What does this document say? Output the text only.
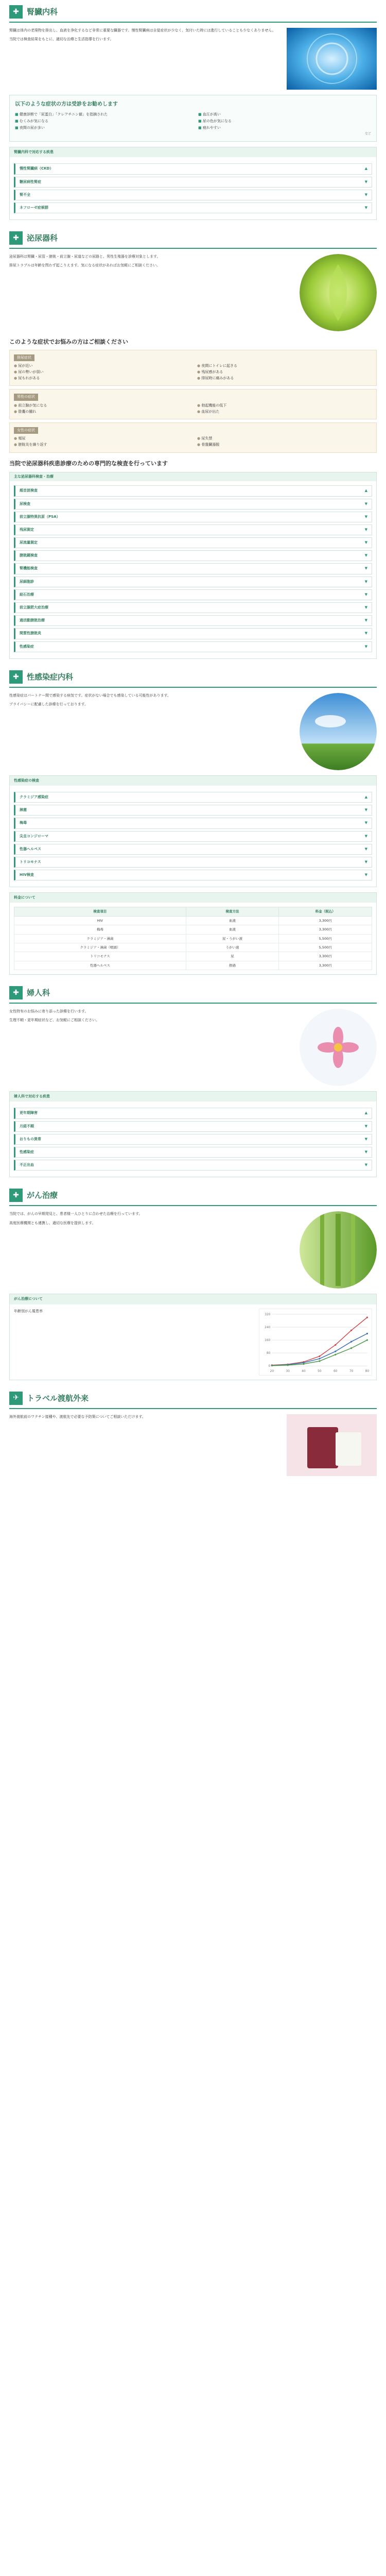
✚	腎臓内科

腎臓は体内の老廃物を排出し、血液を浄化するなど非常に重要な臓器です。慢性腎臓病は自覚症状が少なく、気付いた時には進行していることも少なくありません。

当院では検査結果をもとに、適切な治療と生活指導を行います。

以下のような症状の方は受診をお勧めします
■ 健康診断で「尿蛋白」「クレアチニン値」を指摘された	■ 血圧が高い
■ むくみが気になる	■ 尿の色が気になる
■ 夜間の尿が多い	■ 疲れやすい
など
腎臓内科で対応する疾患
慢性腎臓病（CKD）	▲
糖尿病性腎症	▼
腎不全	▼
ネフローゼ症候群	▼
✚	泌尿器科

泌尿器科は腎臓・尿管・膀胱・前立腺・尿道などの尿路と、男性生殖器を診療対象とします。

排尿トラブルは年齢を問わず起こりえます。気になる症状があればお気軽にご相談ください。

このような症状でお悩みの方はご相談ください
排尿症状
● 尿が近い	● 夜間にトイレに起きる
● 尿の勢いが弱い	● 残尿感がある
● 尿もれがある	● 排尿時に痛みがある
男性の症状
● 前立腺が気になる	● 勃起機能の低下
● 陰嚢の腫れ	● 血尿が出た
女性の症状
● 頻尿	● 尿失禁
● 膀胱炎を繰り返す	● 骨盤臓器脱
当院で泌尿器科疾患診療のための専門的な検査を行っています
主な泌尿器科検査・治療
超音波検査	▲
尿検査	▼
前立腺特異抗原（PSA）	▼
残尿測定	▼
尿流量測定	▼
膀胱鏡検査	▼
腎機能検査	▼
尿細胞診	▼
結石治療	▼
前立腺肥大症治療	▼
過活動膀胱治療	▼
間質性膀胱炎	▼
性感染症	▼
✚	性感染症内科

性感染症はパートナー間で感染する病気です。症状がない場合でも感染している可能性があります。

プライバシーに配慮した診療を行っております。

性感染症の検査
クラミジア感染症	▲
淋菌	▼
梅毒	▼
尖圭コンジローマ	▼
性器ヘルペス	▼
トリコモナス	▼
HIV検査	▼
料金について
検査項目	検査方法	料金（税込）
HIV	血液	3,300円
梅毒	血液	3,300円
クラミジア・淋菌	尿・うがい液	5,500円
クラミジア・淋菌（咽頭）	うがい液	5,500円
トリコモナス	尿	3,300円
性器ヘルペス	擦過	3,300円
✚	婦人科

女性特有のお悩みに寄り添った診療を行います。

生理不順・更年期症状など、お気軽にご相談ください。

婦人科で対応する疾患
更年期障害	▲
月経不順	▼
おりもの異常	▼
性感染症	▼
不正出血	▼
✚	がん治療

当院では、がんの早期発見と、患者様一人ひとりに合わせた治療を行っています。

高度医療機関とも連携し、適切な医療を提供します。

がん治療について
年齢別がん罹患率
0
80
160
240
320
20	30	40	50	60	70	80
✈	トラベル渡航外来

海外渡航前のワクチン接種や、渡航先で必要な予防策についてご相談いただけます。
